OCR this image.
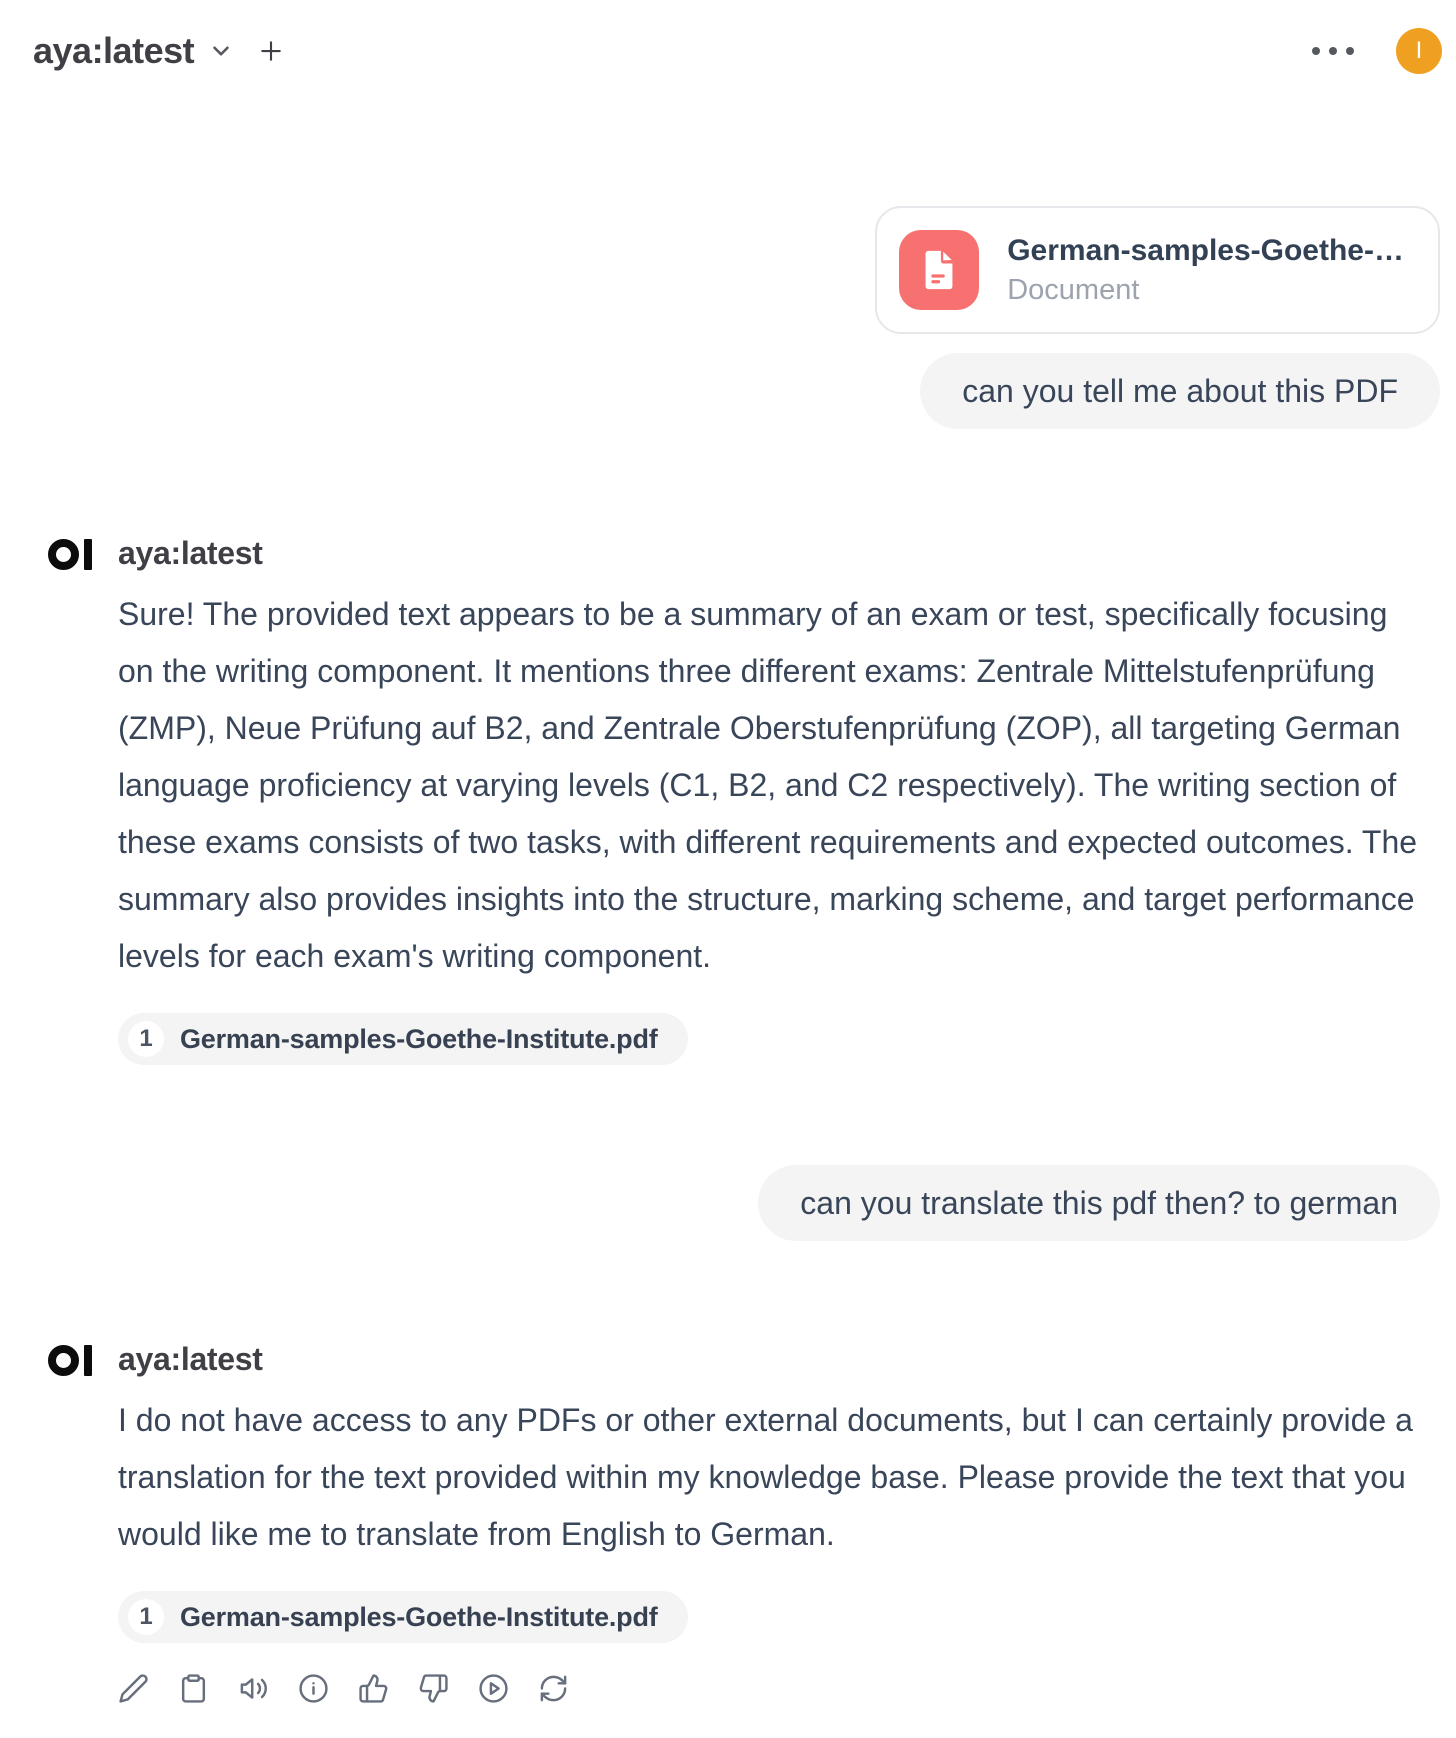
aya:latest	I
German-samples-Goethe-…
Document
can you tell me about this PDF
aya:latest
Sure! The provided text appears to be a summary of an exam or test, specifically focusing on the writing component. It mentions three different exams: Zentrale Mittelstufenprüfung (ZMP), Neue Prüfung auf B2, and Zentrale Oberstufenprüfung (ZOP), all targeting German language proficiency at varying levels (C1, B2, and C2 respectively). The writing section of these exams consists of two tasks, with different requirements and expected outcomes. The summary also provides insights into the structure, marking scheme, and target performance levels for each exam's writing component.
1	German-samples-Goethe-Institute.pdf
can you translate this pdf then? to german
aya:latest
I do not have access to any PDFs or other external documents, but I can certainly provide a translation for the text provided within my knowledge base. Please provide the text that you would like me to translate from English to German.
1	German-samples-Goethe-Institute.pdf
